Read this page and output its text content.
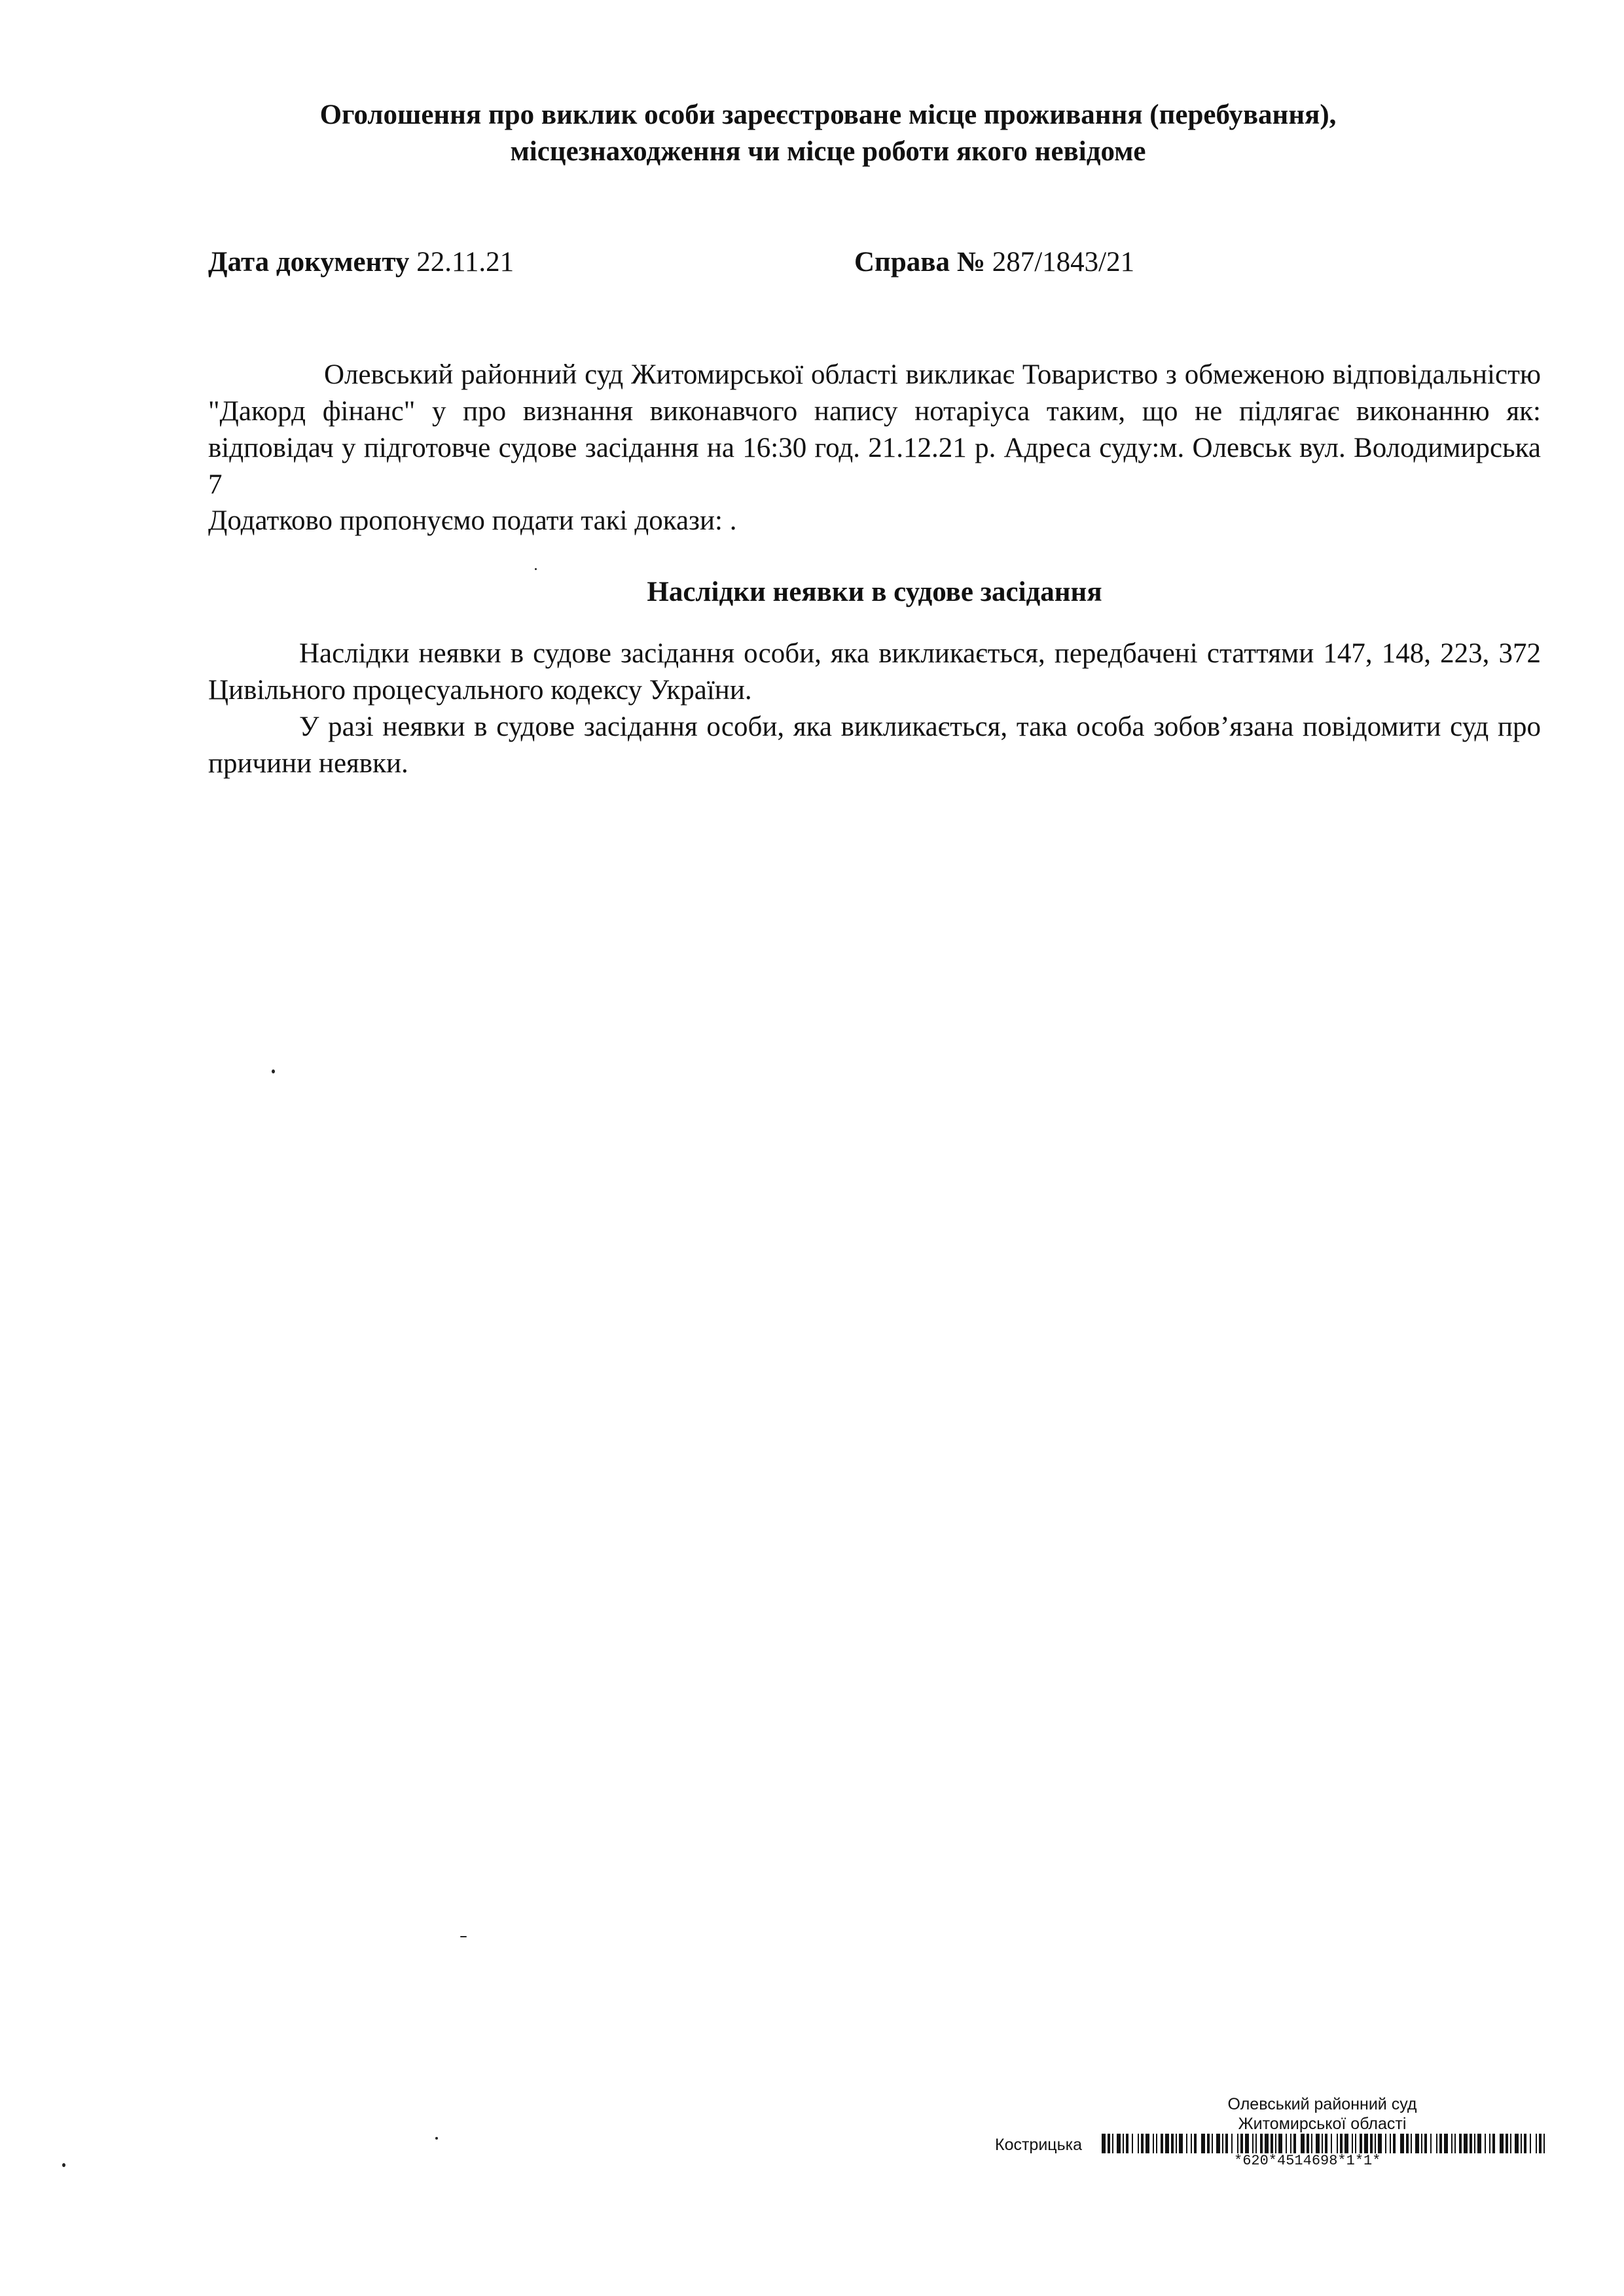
Оголошення про виклик особи зареєстроване місце проживання (перебування),
місцезнаходження чи місце роботи якого невідоме
Дата документу 22.11.21	Справа № 287/1843/21
Олевський районний суд Житомирської області викликає Товариство з обмеженою відповідальністю "Дакорд фінанс" у про визнання виконавчого напису нотаріуса таким, що не підлягає виконанню як: відповідач у підготовче судове засідання на 16:30 год. 21.12.21 р. Адреса суду:м. Олевськ вул. Володимирська 7
Додатково пропонуємо подати такі докази: .
Наслідки неявки в судове засідання
Наслідки неявки в судове засідання особи, яка викликається, передбачені статтями 147, 148, 223, 372 Цивільного процесуального кодексу України.
У разі неявки в судове засідання особи, яка викликається, така особа зобов’язана повідомити суд про причини неявки.
Олевський районний суд
Житомирської області
Кострицька
*620*4514698*1*1*
